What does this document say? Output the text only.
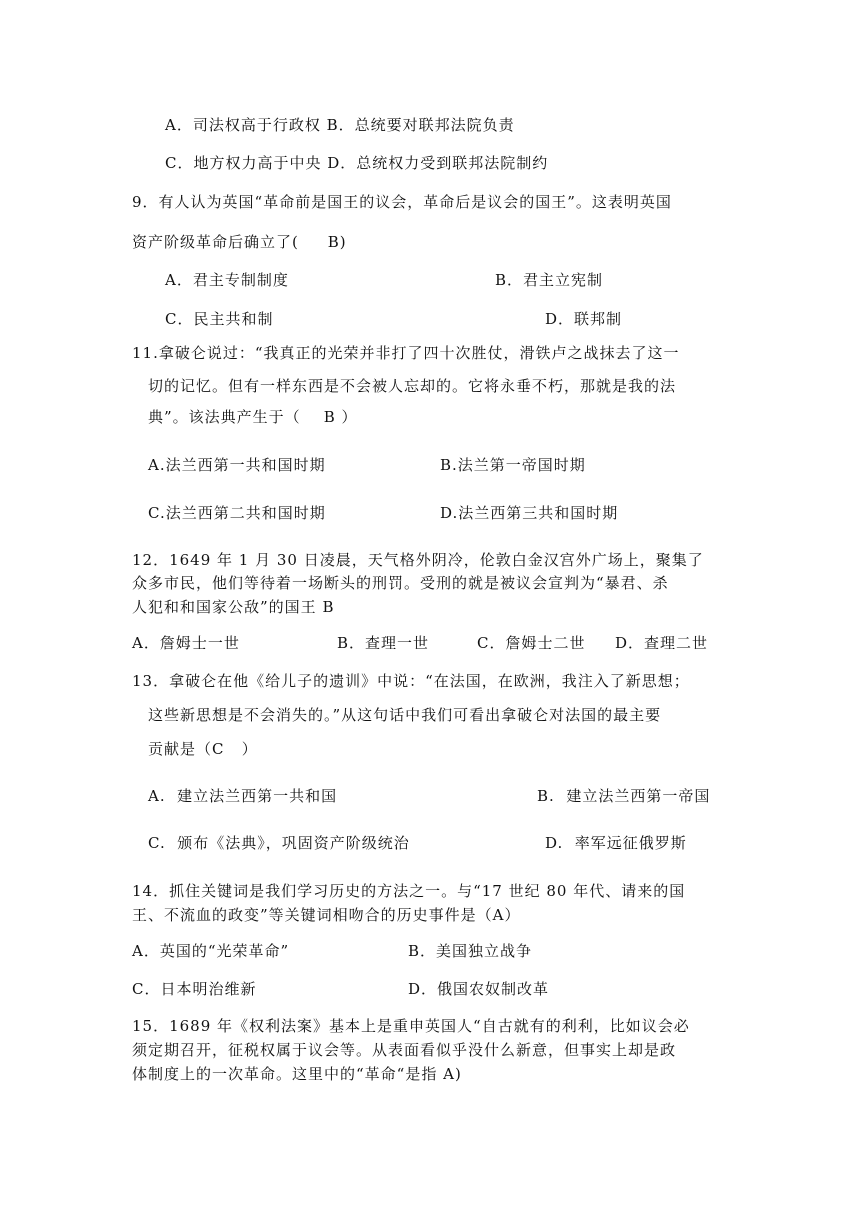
A．司法权高于行政权 B．总统要对联邦法院负责
C．地方权力高于中央 D．总统权力受到联邦法院制约
9．有人认为英国“革命前是国王的议会，革命后是议会的国王”。这表明英国
资产阶级革命后确立了(     B)
A．君主专制制度	B．君主立宪制
C．民主共和制	D．联邦制
11.拿破仑说过：“我真正的光荣并非打了四十次胜仗，滑铁卢之战抹去了这一
切的记忆。但有一样东西是不会被人忘却的。它将永垂不朽，那就是我的法
典”。该法典产生于（    B ）
A.法兰西第一共和国时期	B.法兰第一帝国时期
C.法兰西第二共和国时期	D.法兰西第三共和国时期
12．1649 年 1 月 30 日凌晨，天气格外阴冷，伦敦白金汉宫外广场上，聚集了
众多市民，他们等待着一场断头的刑罚。受刑的就是被议会宣判为“暴君、杀
人犯和和国家公敌”的国王 B
A．詹姆士一世	B．查理一世	C．詹姆士二世 D．查理二世
13．拿破仑在他《给儿子的遗训》中说：“在法国，在欧洲，我注入了新思想；
这些新思想是不会消失的。”从这句话中我们可看出拿破仑对法国的最主要
贡献是（C   ）
A.  建立法兰西第一共和国	B.  建立法兰西第一帝国
C.  颁布《法典》，巩固资产阶级统治	D.  率军远征俄罗斯
14．抓住关键词是我们学习历史的方法之一。与“17 世纪 80 年代、请来的国
王、不流血的政变”等关键词相吻合的历史事件是（A）
A．英国的“光荣革命”	B．美国独立战争
C．日本明治维新	D．俄国农奴制改革
15．1689 年《权利法案》基本上是重申英国人“自古就有的利利，比如议会必
须定期召开，征税权属于议会等。从表面看似乎没什么新意，但事实上却是政
体制度上的一次革命。这里中的“革命“是指 A)
